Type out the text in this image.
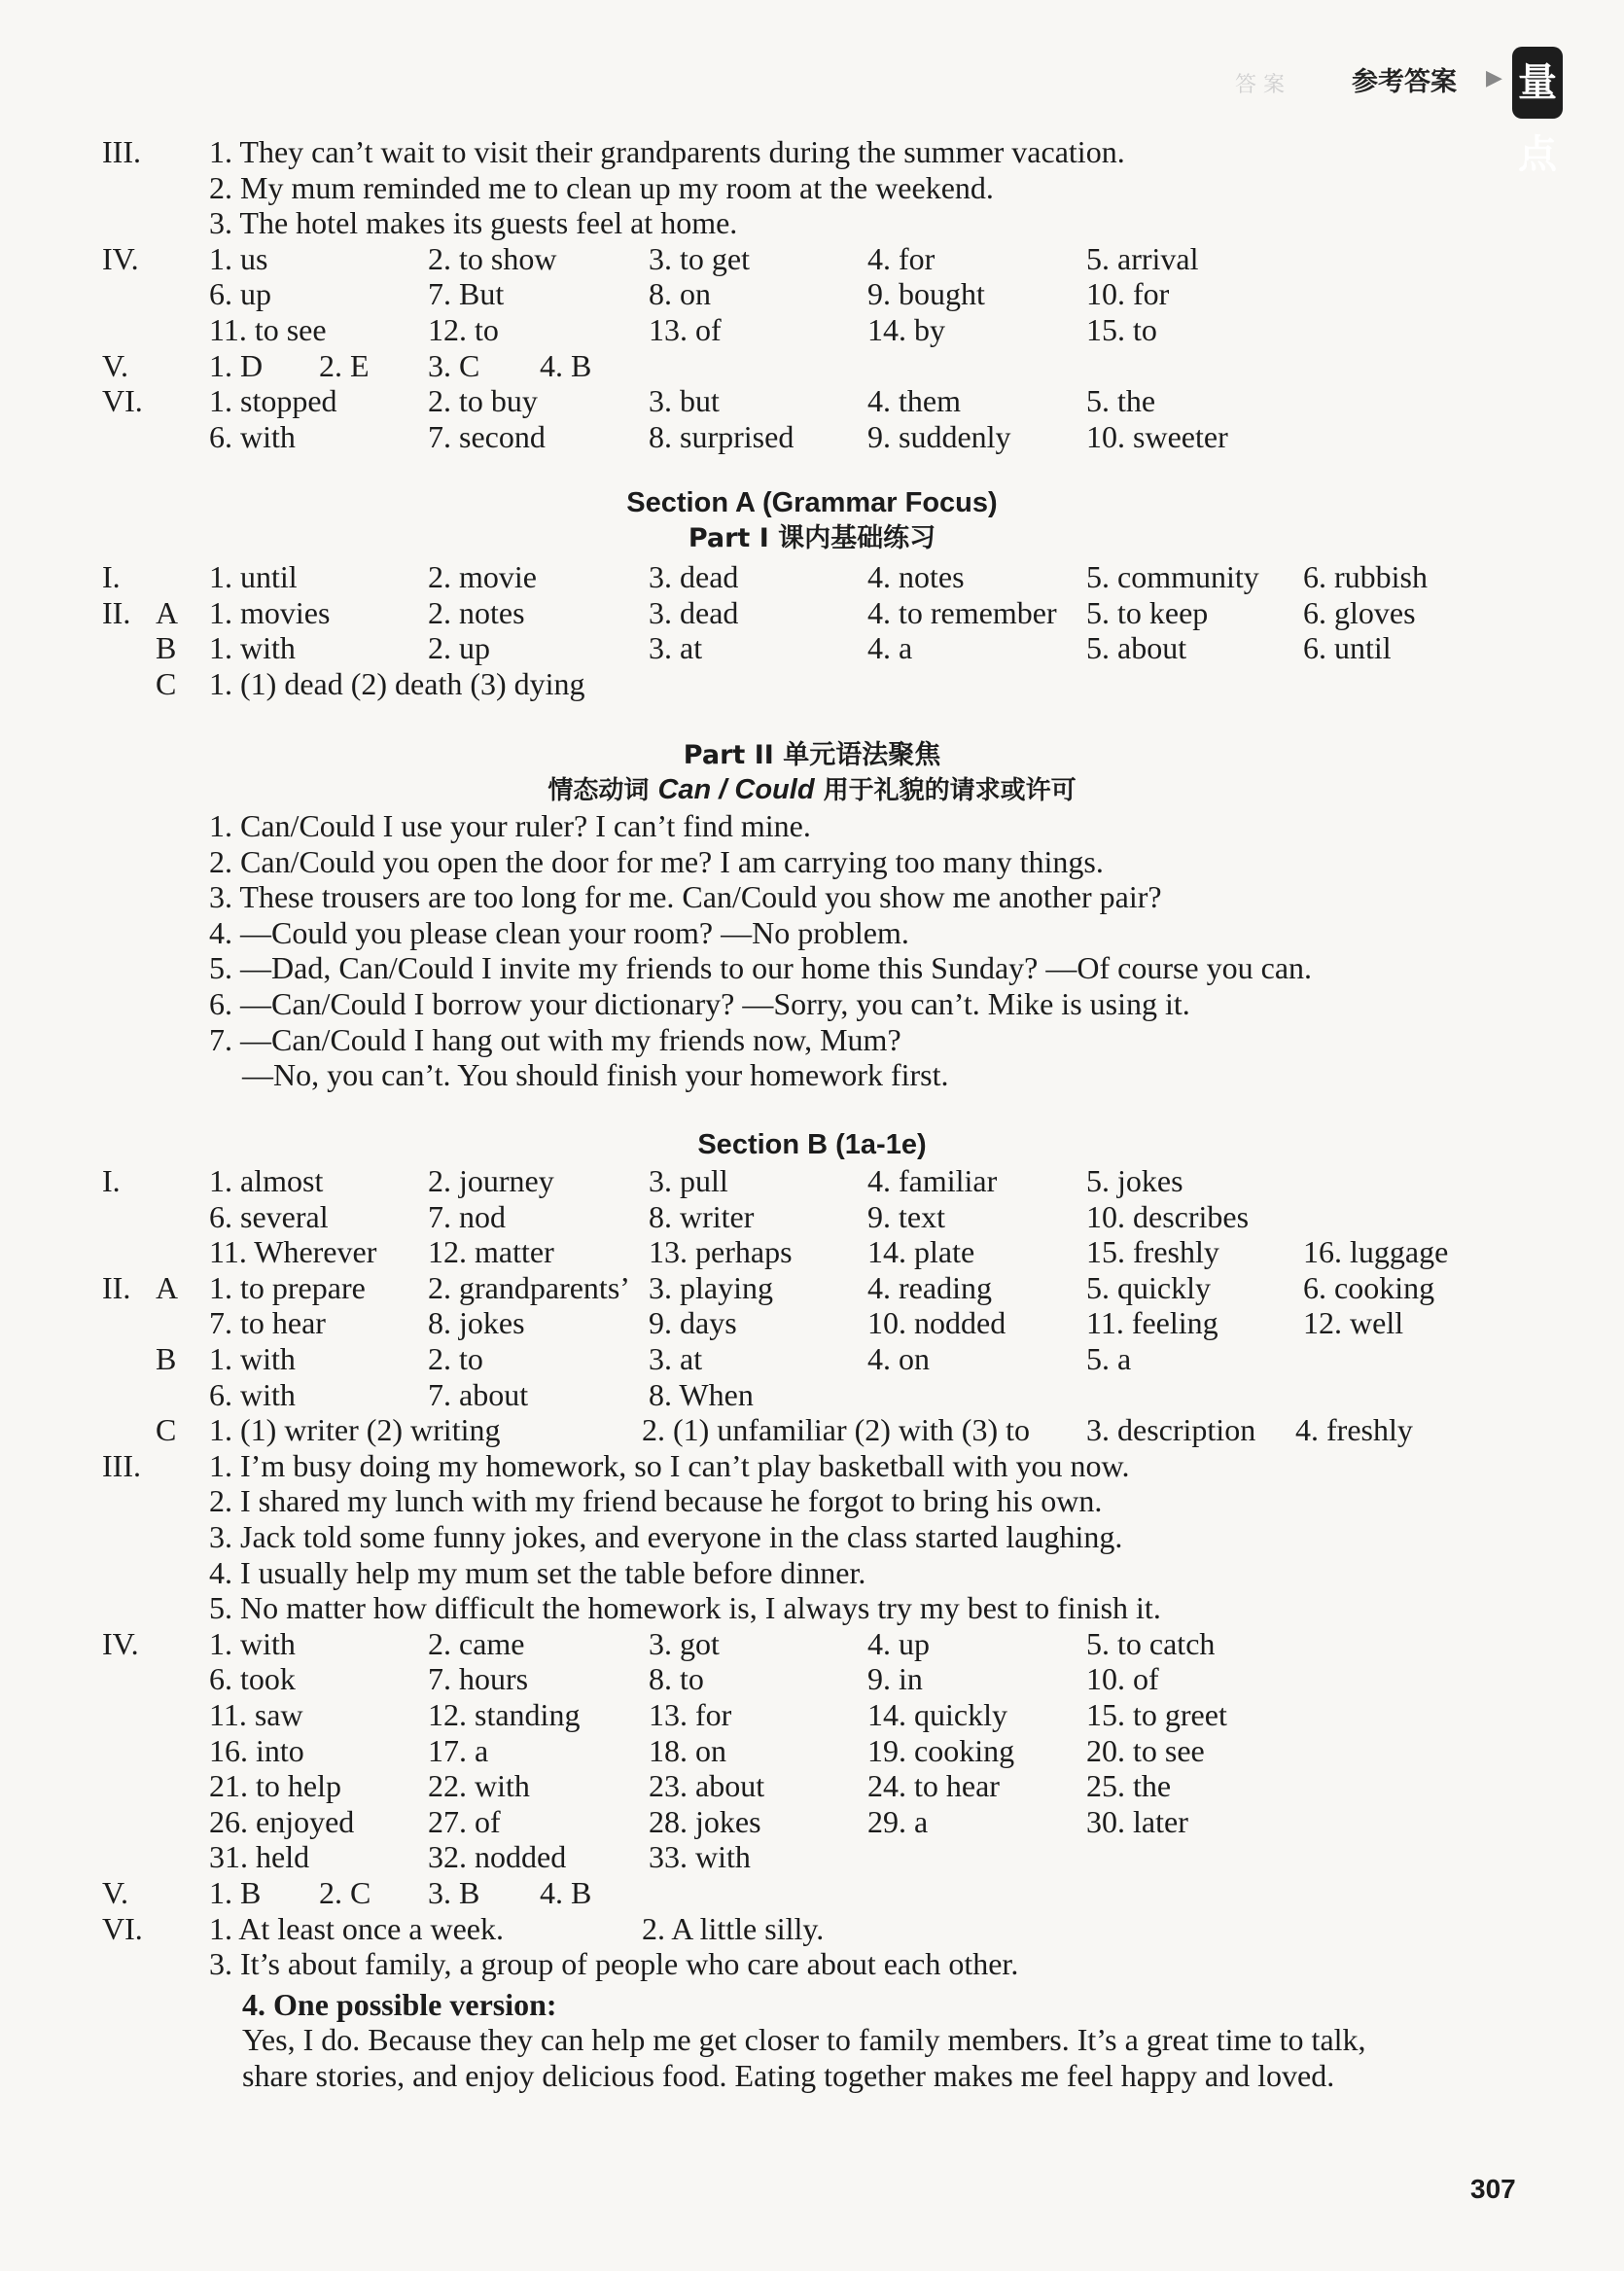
答 案	参考答案 ▶ 量点
III. 1. They can’t wait to visit their grandparents during the summer vacation.
2. My mum reminded me to clean up my room at the weekend.
3. The hotel makes its guests feel at home.
IV. 1. us	2. to show	3. to get	4. for	5. arrival
6. up	7. But	8. on	9. bought	10. for
11. to see	12. to	13. of	14. by	15. to
V.	1. D 2. E 3. C 4. B
VI. 1. stopped	2. to buy	3. but	4. them	5. the
6. with	7. second	8. surprised 9. suddenly 10. sweeter
Section A (Grammar Focus)
Part I 课内基础练习
I.	1. until	2. movie	3. dead	4. notes	5. community 6. rubbish
II. A 1. movies	2. notes	3. dead	4. to remember 5. to keep	6. gloves
B 1. with	2. up	3. at	4. a	5. about	6. until
C 1. (1) dead (2) death (3) dying
Part II 单元语法聚焦
情态动词 Can / Could 用于礼貌的请求或许可
1. Can/Could I use your ruler? I can’t find mine.
2. Can/Could you open the door for me? I am carrying too many things.
3. These trousers are too long for me. Can/Could you show me another pair?
4. —Could you please clean your room? —No problem.
5. —Dad, Can/Could I invite my friends to our home this Sunday? —Of course you can.
6. —Can/Could I borrow your dictionary? —Sorry, you can’t. Mike is using it.
7. —Can/Could I hang out with my friends now, Mum?
—No, you can’t. You should finish your homework first.
Section B (1a-1e)
I.	1. almost	2. journey	3. pull	4. familiar	5. jokes
6. several	7. nod	8. writer	9. text	10. describes
11. Wherever 12. matter	13. perhaps 14. plate	15. freshly	16. luggage
II. A 1. to prepare 2. grandparents’ 3. playing	4. reading	5. quickly	6. cooking
7. to hear	8. jokes	9. days	10. nodded	11. feeling	12. well
B 1. with	2. to	3. at	4. on	5. a
6. with	7. about	8. When
C 1. (1) writer (2) writing	2. (1) unfamiliar (2) with (3) to 3. description 4. freshly
III. 1. I’m busy doing my homework, so I can’t play basketball with you now.
2. I shared my lunch with my friend because he forgot to bring his own.
3. Jack told some funny jokes, and everyone in the class started laughing.
4. I usually help my mum set the table before dinner.
5. No matter how difficult the homework is, I always try my best to finish it.
IV. 1. with	2. came	3. got	4. up	5. to catch
6. took	7. hours	8. to	9. in	10. of
11. saw	12. standing 13. for	14. quickly	15. to greet
16. into	17. a	18. on	19. cooking 20. to see
21. to help	22. with	23. about	24. to hear	25. the
26. enjoyed 27. of	28. jokes	29. a	30. later
31. held	32. nodded	33. with
V.	1. B 2. C 3. B 4. B
VI. 1. At least once a week.	2. A little silly.
3. It’s about family, a group of people who care about each other.
4. One possible version:
Yes, I do. Because they can help me get closer to family members. It’s a great time to talk,
share stories, and enjoy delicious food. Eating together makes me feel happy and loved.
307
